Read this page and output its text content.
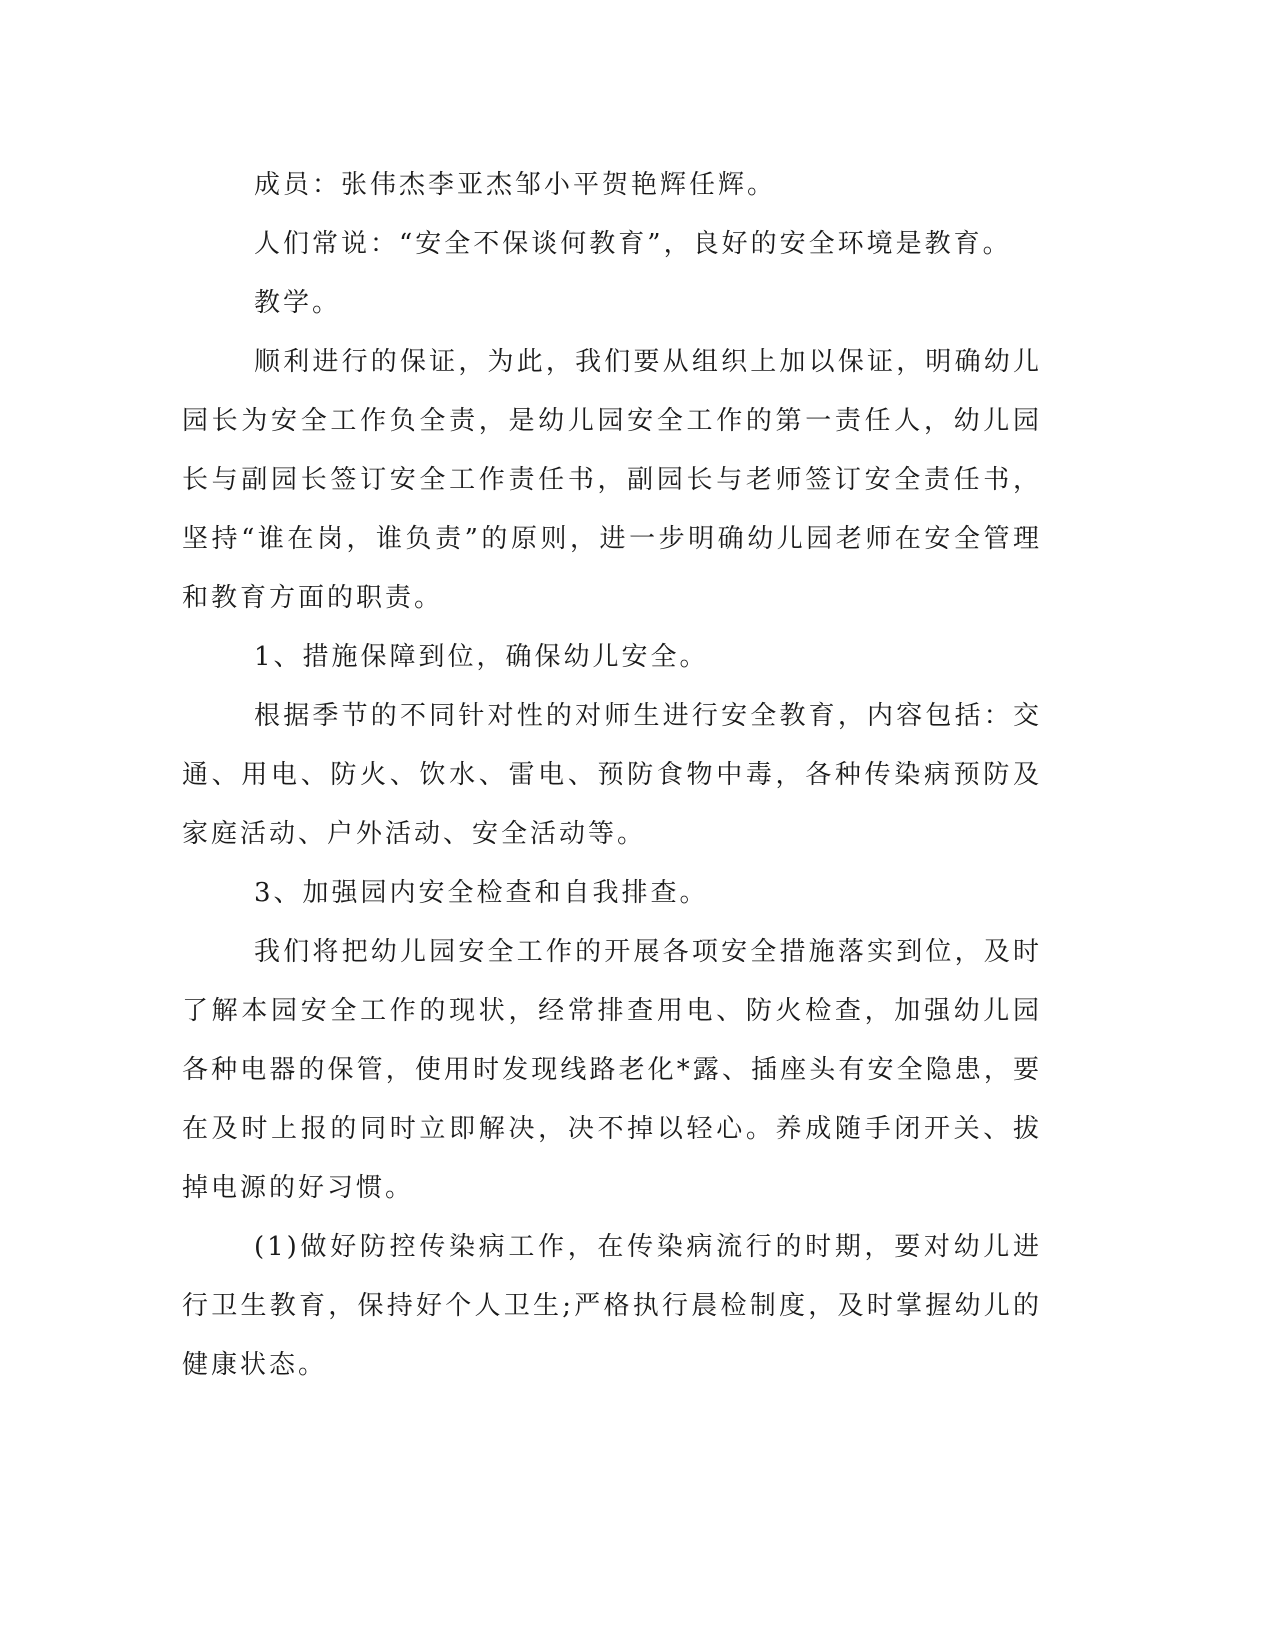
成员：张伟杰李亚杰邹小平贺艳辉任辉。

人们常说：“安全不保谈何教育”，良好的安全环境是教育。

教学。

顺利进行的保证，为此，我们要从组织上加以保证，明确幼儿园长为安全工作负全责，是幼儿园安全工作的第一责任人，幼儿园长与副园长签订安全工作责任书，副园长与老师签订安全责任书，坚持“谁在岗，谁负责”的原则，进一步明确幼儿园老师在安全管理和教育方面的职责。

1、措施保障到位，确保幼儿安全。

根据季节的不同针对性的对师生进行安全教育，内容包括：交通、用电、防火、饮水、雷电、预防食物中毒，各种传染病预防及家庭活动、户外活动、安全活动等。

3、加强园内安全检查和自我排查。

我们将把幼儿园安全工作的开展各项安全措施落实到位，及时了解本园安全工作的现状，经常排查用电、防火检查，加强幼儿园各种电器的保管，使用时发现线路老化*露、插座头有安全隐患，要在及时上报的同时立即解决，决不掉以轻心。养成随手闭开关、拔掉电源的好习惯。

(1)做好防控传染病工作，在传染病流行的时期，要对幼儿进行卫生教育，保持好个人卫生;严格执行晨检制度，及时掌握幼儿的健康状态。
